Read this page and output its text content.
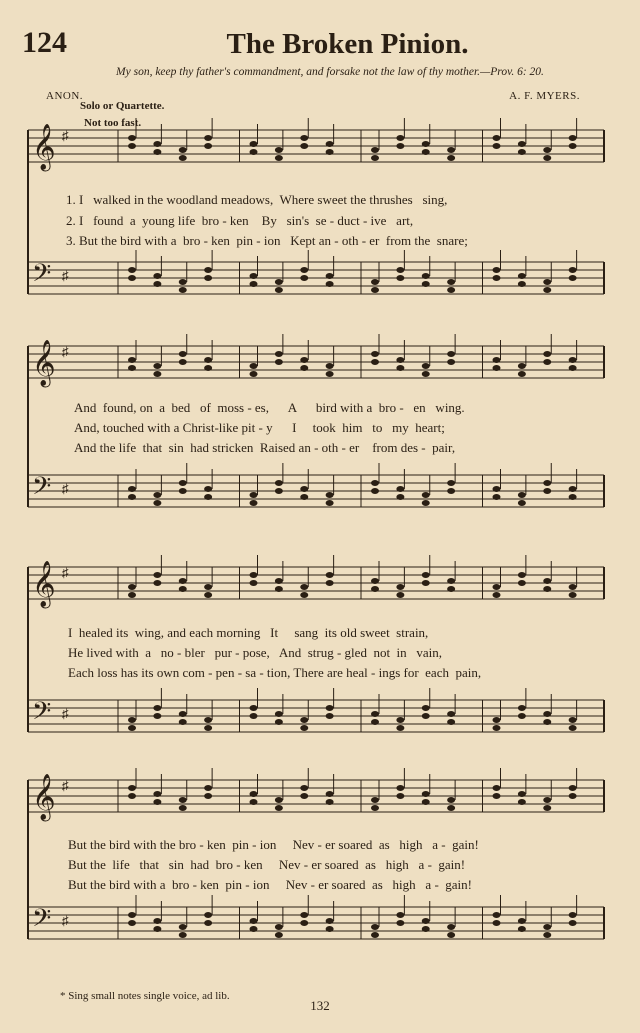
124	The Broken Pinion.
My son, keep thy father's commandment, and forsake not the law of thy mother.—Prov. 6: 20.
ANON.	A. F. MYERS.
Solo or Quartette.
Not too fast.
𝄞 ♯
𝄢 ♯
𝄞 ♯
𝄢 ♯
𝄞 ♯
𝄢 ♯
𝄞 ♯
𝄢 ♯
1. I   walked in the woodland meadows,  Where sweet the thrushes   sing,
2. I   found  a  young life  bro - ken    By   sin's  se - duct - ive   art,
3. But the bird with a  bro - ken  pin - ion   Kept an - oth - er  from the  snare;
And  found, on  a  bed   of  moss - es,      A      bird with a  bro -   en   wing.
And, touched with a Christ-like pit - y      I     took  him   to   my  heart;
And the life  that  sin  had stricken  Raised an - oth - er    from des -  pair,
I  healed its  wing, and each morning   It     sang  its old sweet  strain,
He lived with  a   no - bler   pur - pose,   And  strug - gled  not  in   vain,
Each loss has its own com - pen - sa - tion, There are heal - ings for  each  pain,
But the bird with the bro - ken  pin - ion     Nev - er soared  as   high   a -  gain!
But the  life   that   sin  had  bro - ken     Nev - er soared  as   high   a -  gain!
But the bird with a  bro - ken  pin - ion     Nev - er soared  as   high   a -  gain!
* Sing small notes single voice, ad lib.
132
